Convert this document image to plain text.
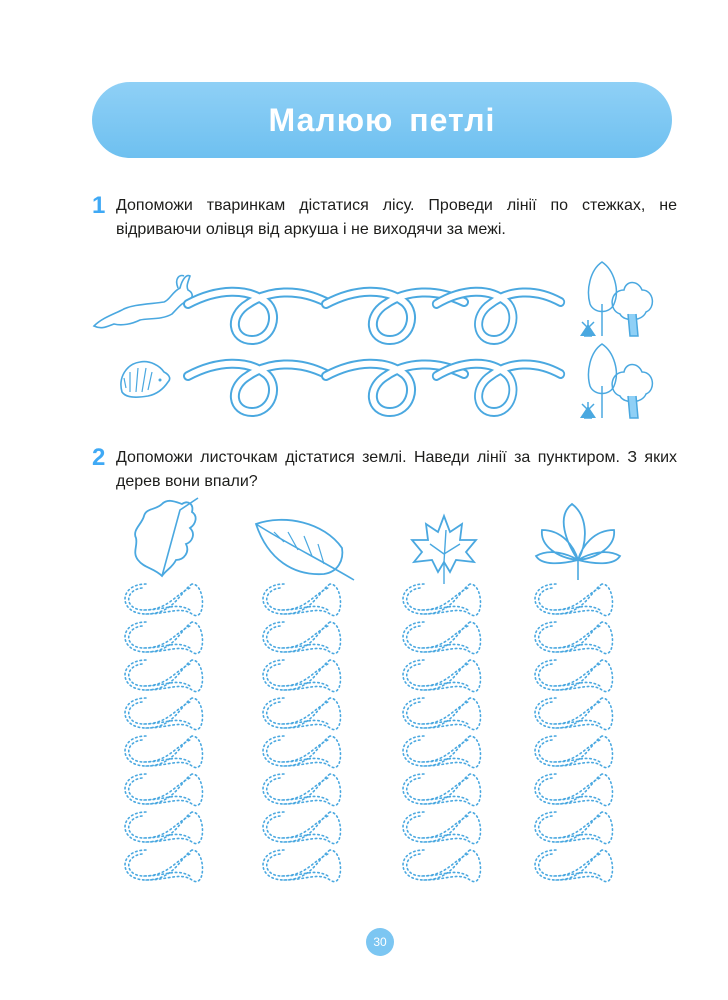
Малюю петлі
1 Допоможи тваринкам дістатися лісу. Проведи лінії по стежках, не відриваючи олівця від аркуша і не виходячи за межі.
2 Допоможи листочкам дістатися землі. Наведи лінії за пунктиром. З яких дерев вони впали?
30
